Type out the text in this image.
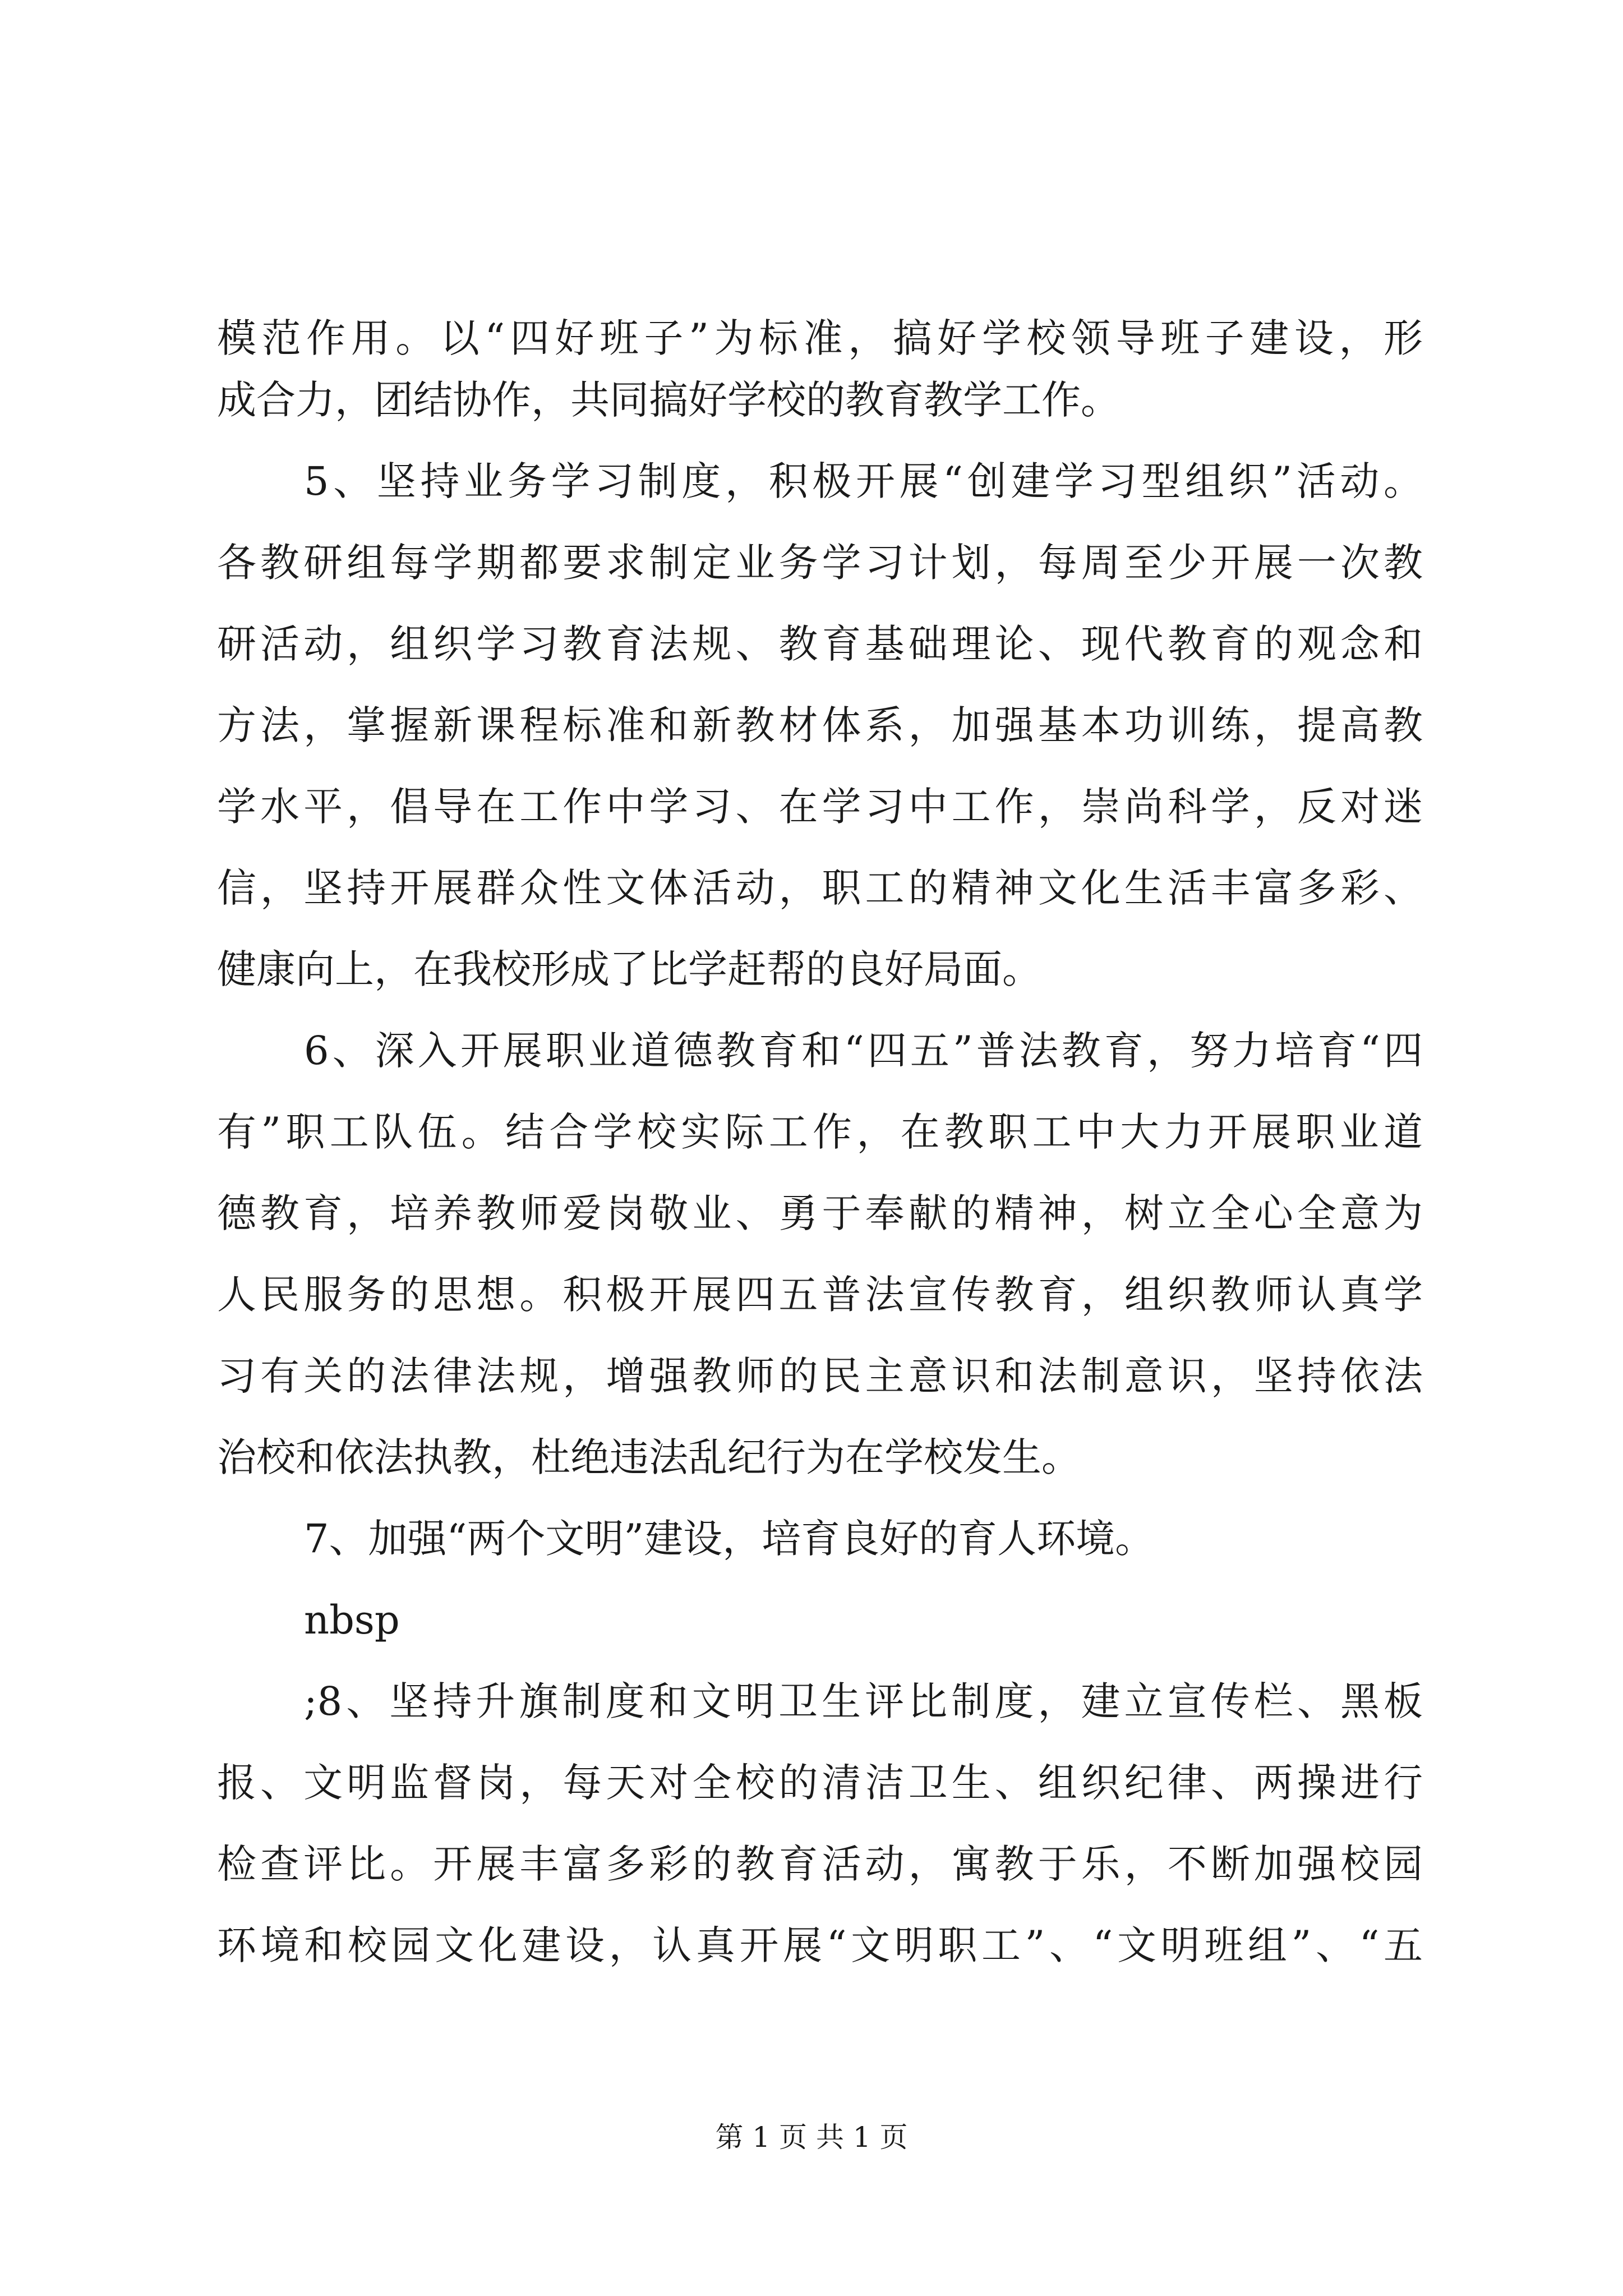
模范作用。以“四好班子”为标准，搞好学校领导班子建设，形
成合力，团结协作，共同搞好学校的教育教学工作。
5、坚持业务学习制度，积极开展“创建学习型组织”活动。
各教研组每学期都要求制定业务学习计划，每周至少开展一次教
研活动，组织学习教育法规、教育基础理论、现代教育的观念和
方法，掌握新课程标准和新教材体系，加强基本功训练，提高教
学水平，倡导在工作中学习、在学习中工作，崇尚科学，反对迷
信，坚持开展群众性文体活动，职工的精神文化生活丰富多彩、
健康向上，在我校形成了比学赶帮的良好局面。
6、深入开展职业道德教育和“四五”普法教育，努力培育“四
有”职工队伍。结合学校实际工作，在教职工中大力开展职业道
德教育，培养教师爱岗敬业、勇于奉献的精神，树立全心全意为
人民服务的思想。积极开展四五普法宣传教育，组织教师认真学
习有关的法律法规，增强教师的民主意识和法制意识，坚持依法
治校和依法执教，杜绝违法乱纪行为在学校发生。
7、加强“两个文明”建设，培育良好的育人环境。
nbsp
;8、坚持升旗制度和文明卫生评比制度，建立宣传栏、黑板
报、文明监督岗，每天对全校的清洁卫生、组织纪律、两操进行
检查评比。开展丰富多彩的教育活动，寓教于乐，不断加强校园
环境和校园文化建设，认真开展“文明职工”、“文明班组”、“五
第 1 页 共 1 页
